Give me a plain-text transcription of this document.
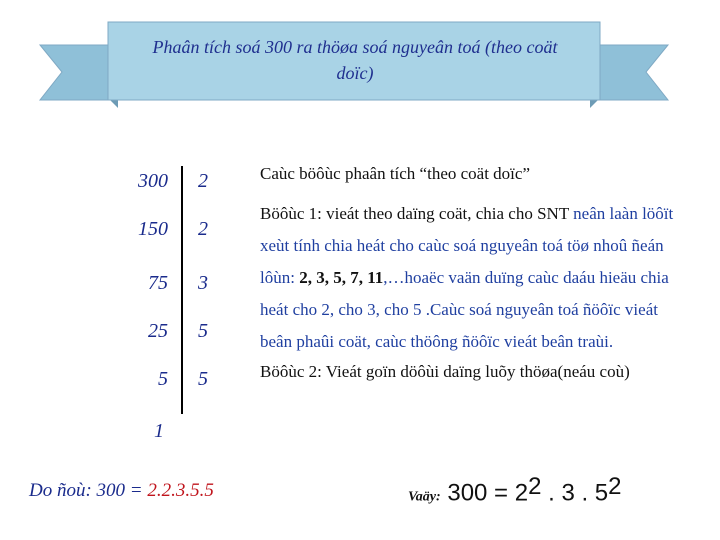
Phaân tích soá 300 ra thöøa soá nguyeân toá (theo coät
doïc)
300 2
150 2
75 3
25 5
5 5
1
Caùc böôùc phaân tích “theo coät doïc”
Böôùc 1: vieát theo daïng coät, chia cho SNT neân laàn löôït
xeùt tính chia heát cho caùc soá nguyeân toá töø nhoû ñeán
lôùn: 2, 3, 5, 7, 11,…hoaëc vaän duïng caùc daáu hieäu chia
heát cho 2, cho 3, cho 5 .Caùc soá nguyeân toá ñöôïc vieát
beân phaûi coät, caùc thöông ñöôïc vieát beân traùi.
Böôùc 2: Vieát goïn döôùi daïng luõy thöøa(neáu coù)
Do ñoù: 300 = 2.2.3.5.5	Vaäy: $300 = 2^2$ . 3 . $5^2$
